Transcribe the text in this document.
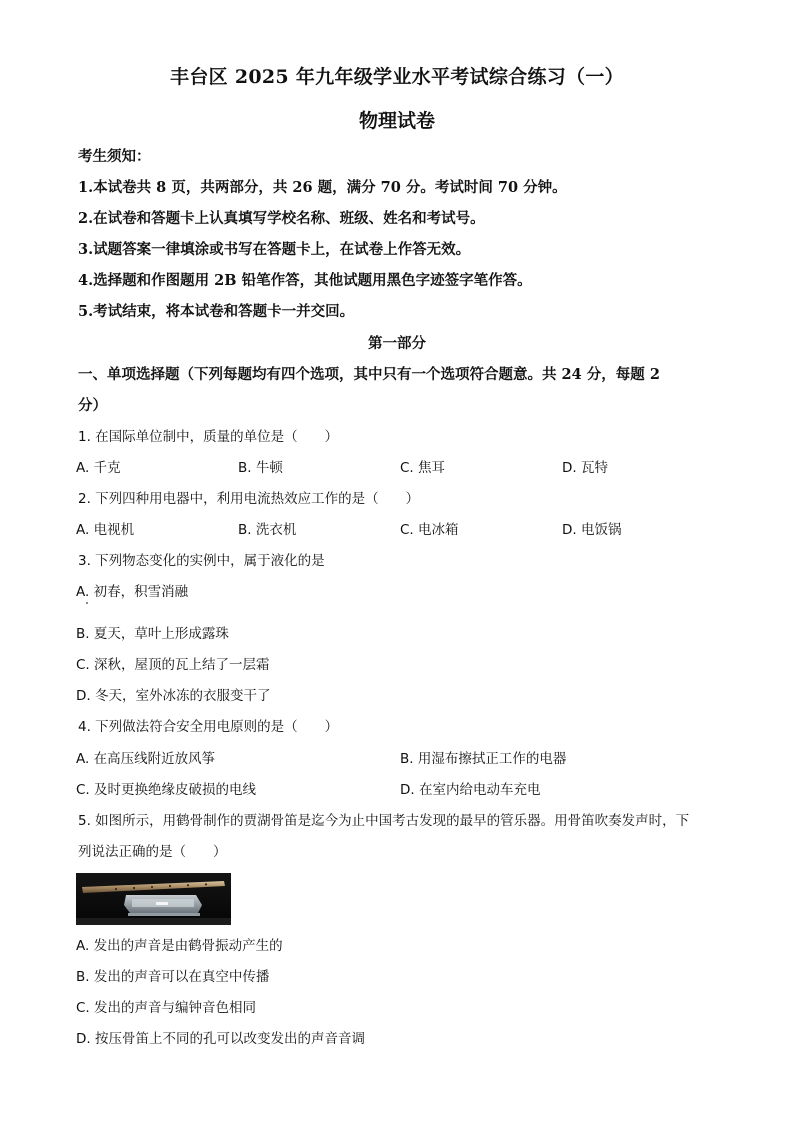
丰台区 2025 年九年级学业水平考试综合练习（一）
物理试卷
考生须知：
1.本试卷共 8 页，共两部分，共 26 题，满分 70 分。考试时间 70 分钟。
2.在试卷和答题卡上认真填写学校名称、班级、姓名和考试号。
3.试题答案一律填涂或书写在答题卡上，在试卷上作答无效。
4.选择题和作图题用 2B 铅笔作答，其他试题用黑色字迹签字笔作答。
5.考试结束，将本试卷和答题卡一并交回。
第一部分
一、单项选择题（下列每题均有四个选项，其中只有一个选项符合题意。共 24 分，每题 2
分）
1. 在国际单位制中，质量的单位是（　　）
A. 千克	B. 牛顿	C. 焦耳	D. 瓦特
2. 下列四种用电器中，利用电流热效应工作的是（　　）
A. 电视机	B. 洗衣机	C. 电冰箱	D. 电饭锅
3. 下列物态变化的实例中，属于液化的是
A. 初春，积雪消融
B. 夏天，草叶上形成露珠
C. 深秋，屋顶的瓦上结了一层霜
D. 冬天，室外冰冻的衣服变干了
4. 下列做法符合安全用电原则的是（　　）
A. 在高压线附近放风筝	B. 用湿布擦拭正工作的电器
C. 及时更换绝缘皮破损的电线	D. 在室内给电动车充电
5. 如图所示，用鹤骨制作的贾湖骨笛是迄今为止中国考古发现的最早的管乐器。用骨笛吹奏发声时，下
列说法正确的是（　　）
A. 发出的声音是由鹤骨振动产生的
B. 发出的声音可以在真空中传播
C. 发出的声音与编钟音色相同
D. 按压骨笛上不同的孔可以改变发出的声音音调
